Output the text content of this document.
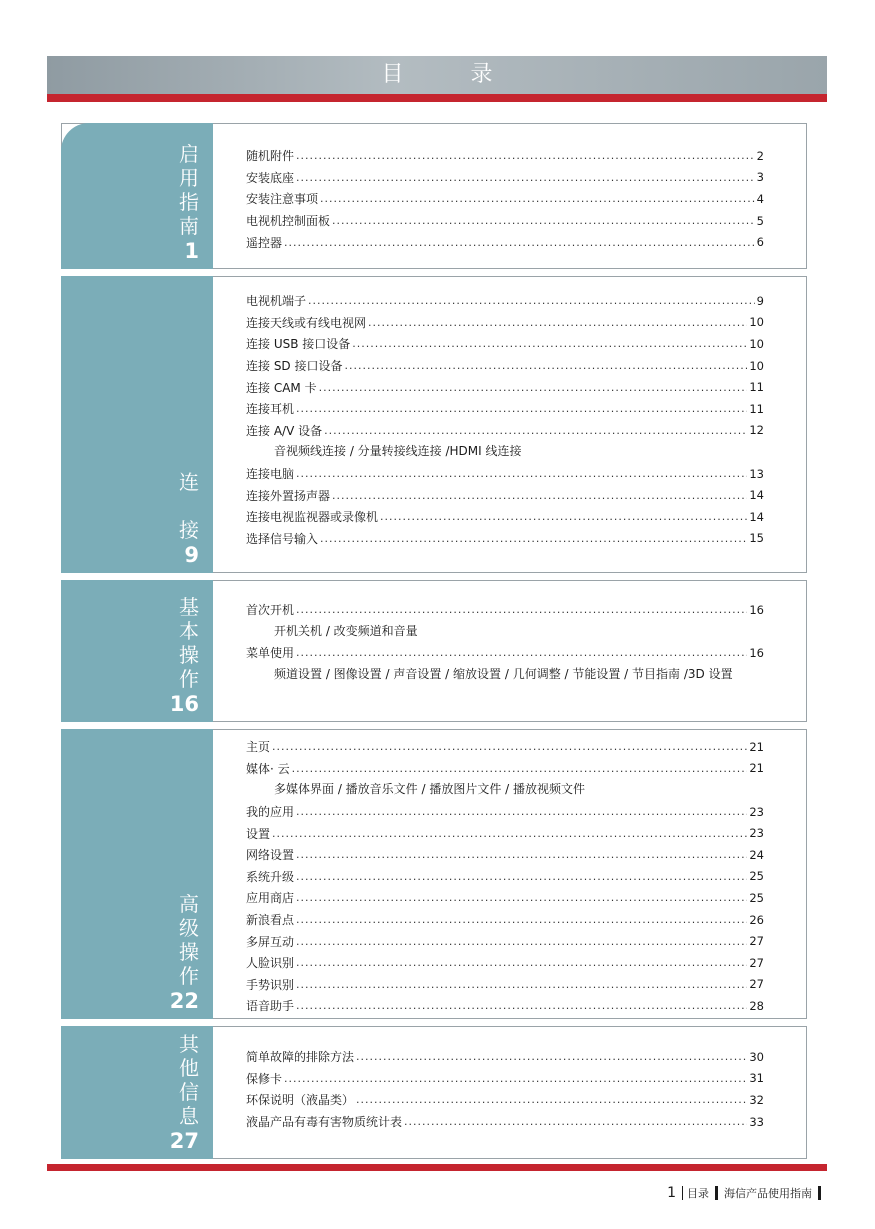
目 录
启
用
指
南
1
随机附件 .....	2
安装底座 .....	3
安装注意事项 .....	4
电视机控制面板 .....	5
遥控器 .....	6
连
接
9
电视机端子 .....	9
连接天线或有线电视网 .....	10
连接 USB 接口设备 .....	10
连接 SD 接口设备 .....	10
连接 CAM 卡 .....	11
连接耳机 .....	11
连接 A/V 设备 .....	12
音视频线连接 / 分量转接线连接 /HDMI 线连接
连接电脑 .....	13
连接外置扬声器 .....	14
连接电视监视器或录像机 .....	14
选择信号输入 .....	15
基
本
操
作
16
首次开机 .....	16
开机关机 / 改变频道和音量
菜单使用 .....	16
频道设置 / 图像设置 / 声音设置 / 缩放设置 / 几何调整 / 节能设置 / 节目指南 /3D 设置
高
级
操
作
22
主页 .....	21
媒体· 云 .....	21
多媒体界面 / 播放音乐文件 / 播放图片文件 / 播放视频文件
我的应用 .....	23
设置 .....	23
网络设置 .....	24
系统升级 .....	25
应用商店 .....	25
新浪看点 .....	26
多屏互动 .....	27
人脸识别 .....	27
手势识别 .....	27
语音助手 .....	28
其
他
信
息
27
简单故障的排除方法 .....	30
保修卡 .....	31
环保说明（液晶类） .....	32
液晶产品有毒有害物质统计表 .....	33
1 目录 海信产品使用指南
